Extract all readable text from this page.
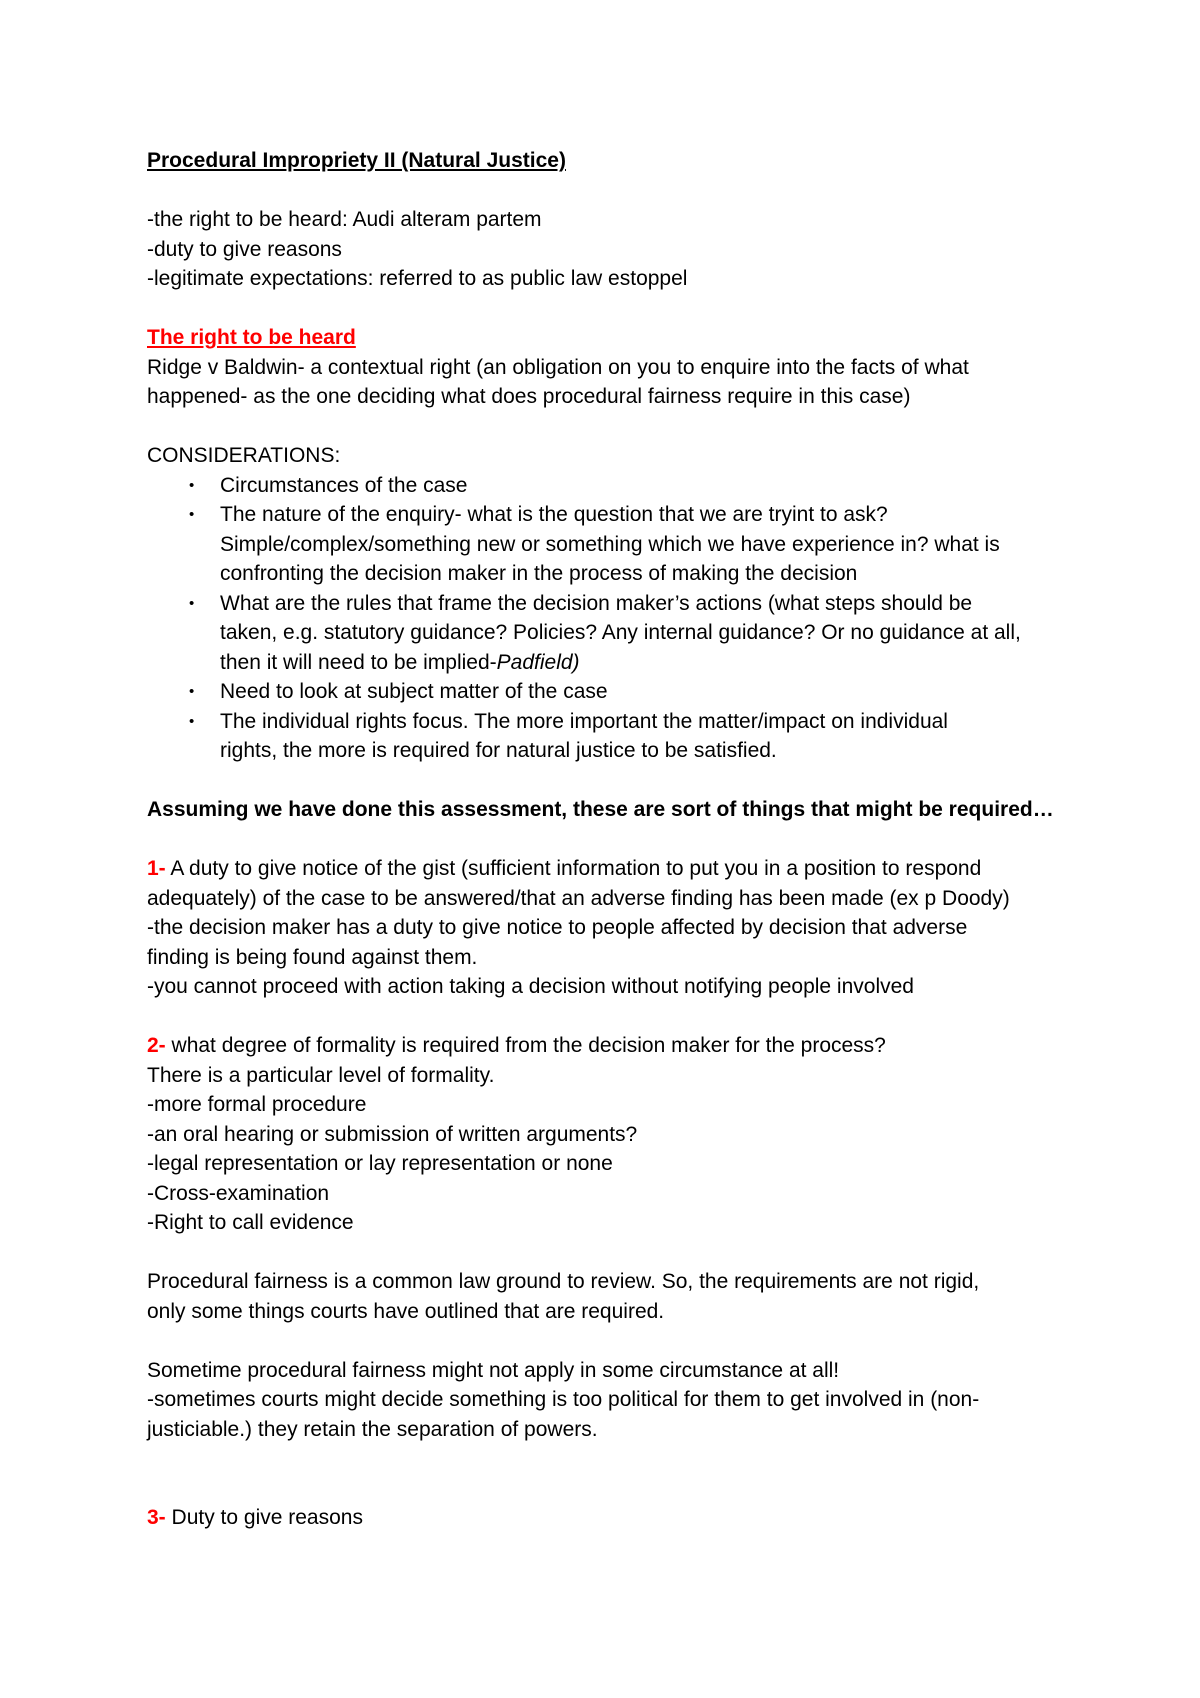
Procedural Impropriety II (Natural Justice)
-the right to be heard: Audi alteram partem
-duty to give reasons
-legitimate expectations: referred to as public law estoppel
The right to be heard
Ridge v Baldwin- a contextual right (an obligation on you to enquire into the facts of what
happened- as the one deciding what does procedural fairness require in this case)
CONSIDERATIONS:
• Circumstances of the case
• The nature of the enquiry- what is the question that we are tryint to ask?
Simple/complex/something new or something which we have experience in? what is
confronting the decision maker in the process of making the decision
• What are the rules that frame the decision maker’s actions (what steps should be
taken, e.g. statutory guidance? Policies? Any internal guidance? Or no guidance at all,
then it will need to be implied-Padfield)
• Need to look at subject matter of the case
• The individual rights focus. The more important the matter/impact on individual
rights, the more is required for natural justice to be satisfied.
Assuming we have done this assessment, these are sort of things that might be required…
1- A duty to give notice of the gist (sufficient information to put you in a position to respond
adequately) of the case to be answered/that an adverse finding has been made (ex p Doody)
-the decision maker has a duty to give notice to people affected by decision that adverse
finding is being found against them.
-you cannot proceed with action taking a decision without notifying people involved
2- what degree of formality is required from the decision maker for the process?
There is a particular level of formality.
-more formal procedure
-an oral hearing or submission of written arguments?
-legal representation or lay representation or none
-Cross-examination
-Right to call evidence
Procedural fairness is a common law ground to review. So, the requirements are not rigid,
only some things courts have outlined that are required.
Sometime procedural fairness might not apply in some circumstance at all!
-sometimes courts might decide something is too political for them to get involved in (non-
justiciable.) they retain the separation of powers.
3- Duty to give reasons
